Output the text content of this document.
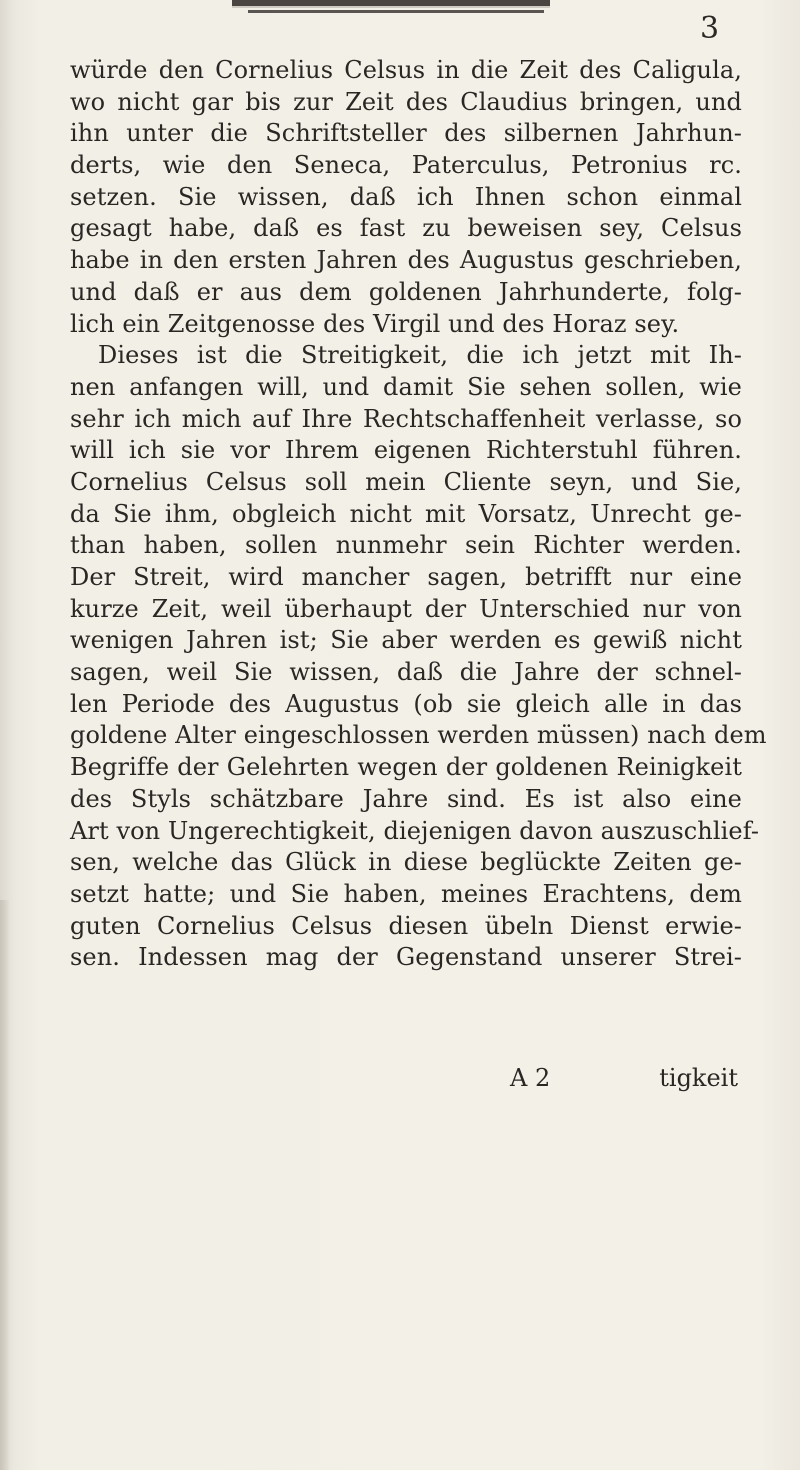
3
würde den Cornelius Celsus in die Zeit des Caligula,
wo nicht gar bis zur Zeit des Claudius bringen, und
ihn unter die Schriftsteller des silbernen Jahrhun-
derts, wie den Seneca, Paterculus, Petronius rc.
setzen. Sie wissen, daß ich Ihnen schon einmal
gesagt habe, daß es fast zu beweisen sey, Celsus
habe in den ersten Jahren des Augustus geschrieben,
und daß er aus dem goldenen Jahrhunderte, folg-
lich ein Zeitgenosse des Virgil und des Horaz sey.
Dieses ist die Streitigkeit, die ich jetzt mit Ih-
nen anfangen will, und damit Sie sehen sollen, wie
sehr ich mich auf Ihre Rechtschaffenheit verlasse, so
will ich sie vor Ihrem eigenen Richterstuhl führen.
Cornelius Celsus soll mein Cliente seyn, und Sie,
da Sie ihm, obgleich nicht mit Vorsatz, Unrecht ge-
than haben, sollen nunmehr sein Richter werden.
Der Streit, wird mancher sagen, betrifft nur eine
kurze Zeit, weil überhaupt der Unterschied nur von
wenigen Jahren ist; Sie aber werden es gewiß nicht
sagen, weil Sie wissen, daß die Jahre der schnel-
len Periode des Augustus (ob sie gleich alle in das
goldene Alter eingeschlossen werden müssen) nach dem
Begriffe der Gelehrten wegen der goldenen Reinigkeit
des Styls schätzbare Jahre sind. Es ist also eine
Art von Ungerechtigkeit, diejenigen davon auszuschlief-
sen, welche das Glück in diese beglückte Zeiten ge-
setzt hatte; und Sie haben, meines Erachtens, dem
guten Cornelius Celsus diesen übeln Dienst erwie-
sen. Indessen mag der Gegenstand unserer Strei-
A 2	tigkeit
